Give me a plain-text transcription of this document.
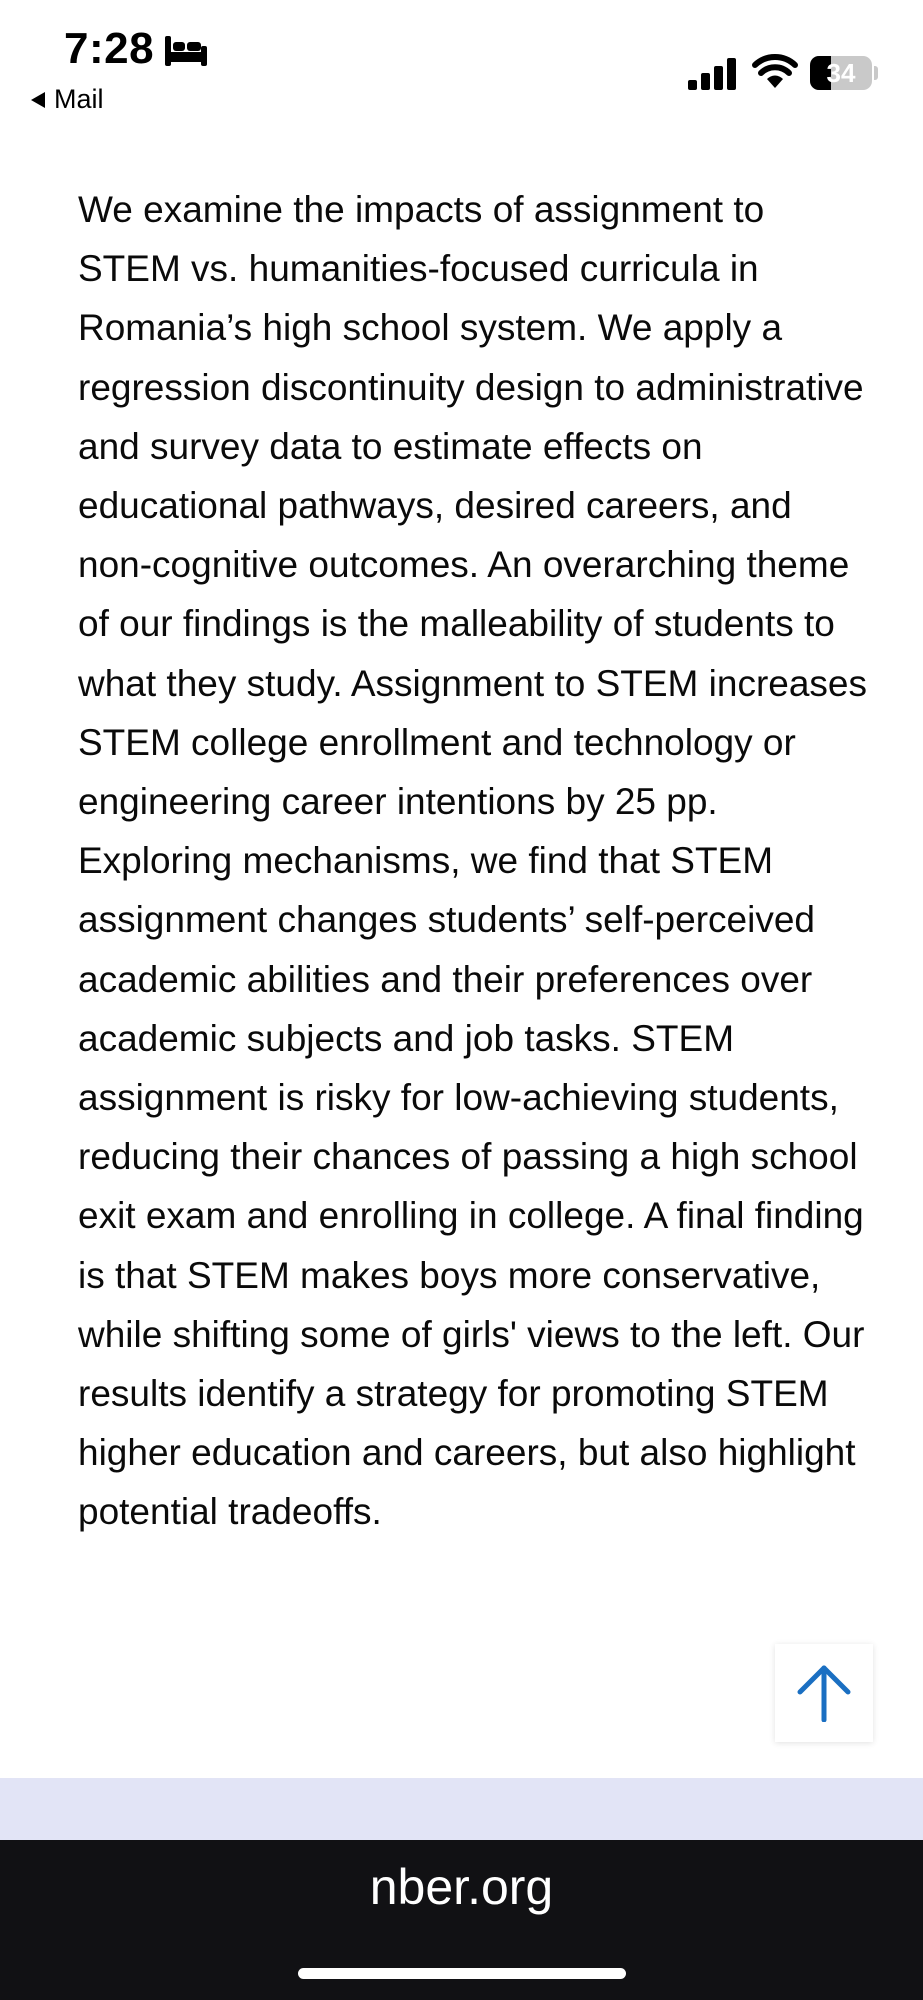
7:28
Mail
34

We examine the impacts of assignment to STEM vs. humanities-focused curricula in Romania’s high school system. We apply a regression discontinuity design to administrative and survey data to estimate effects on educational pathways, desired careers, and non-cognitive outcomes. An overarching theme of our findings is the malleability of students to what they study. Assignment to STEM increases STEM college enrollment and technology or engineering career intentions by 25 pp. Exploring mechanisms, we find that STEM assignment changes students’ self-perceived academic abilities and their preferences over academic subjects and job tasks. STEM assignment is risky for low-achieving students, reducing their chances of passing a high school exit exam and enrolling in college. A final finding is that STEM makes boys more conservative, while shifting some of girls' views to the left. Our results identify a strategy for promoting STEM higher education and careers, but also highlight potential tradeoffs.

nber.org
